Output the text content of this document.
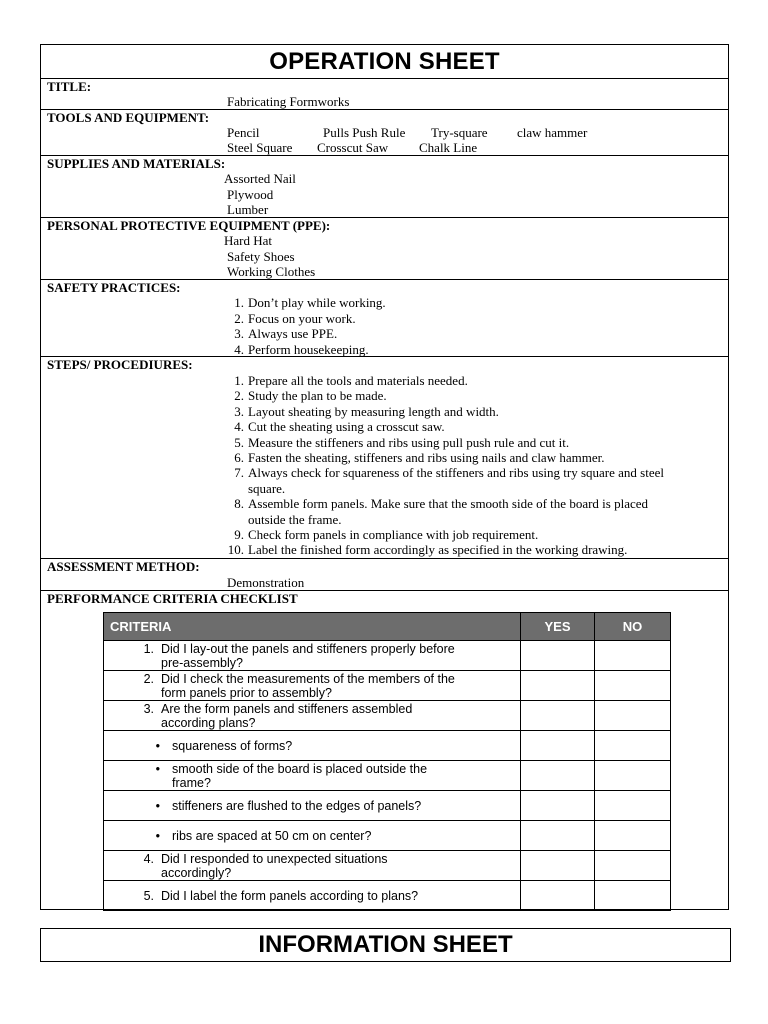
OPERATION SHEET
TITLE:
Fabricating Formworks
TOOLS AND EQUIPMENT:
Pencil	Pulls Push Rule Try-square claw hammer
Steel Square Crosscut Saw Chalk Line
SUPPLIES AND MATERIALS:
Assorted Nail
Plywood
Lumber
PERSONAL PROTECTIVE EQUIPMENT (PPE):
Hard Hat
Safety Shoes
Working Clothes
SAFETY PRACTICES:
1. Don’t play while working.
2. Focus on your work.
3. Always use PPE.
4. Perform housekeeping.
STEPS/ PROCEDIURES:
1. Prepare all the tools and materials needed.
2. Study the plan to be made.
3. Layout sheating by measuring length and width.
4. Cut the sheating using a crosscut saw.
5. Measure the stiffeners and ribs using pull push rule and cut it.
6. Fasten the sheating, stiffeners and ribs using nails and claw hammer.
7. Always check for squareness of the stiffeners and ribs using try square and steel
square.
8. Assemble form panels. Make sure that the smooth side of the board is placed
outside the frame.
9. Check form panels in compliance with job requirement.
10. Label the finished form accordingly as specified in the working drawing.
ASSESSMENT METHOD:
Demonstration
PERFORMANCE CRITERIA CHECKLIST
CRITERIA	YES	NO

1. Did I lay-out the panels and stiffeners properly before
pre-assembly?		

2. Did I check the measurements of the members of the
form panels prior to assembly?		

3. Are the form panels and stiffeners assembled
according plans?		

• squareness of forms?		

• smooth side of the board is placed outside the
frame?		

• stiffeners are flushed to the edges of panels?		

• ribs are spaced at 50 cm on center?		

4. Did I responded to unexpected situations
accordingly?		

5. Did I label the form panels according to plans?		

INFORMATION SHEET
